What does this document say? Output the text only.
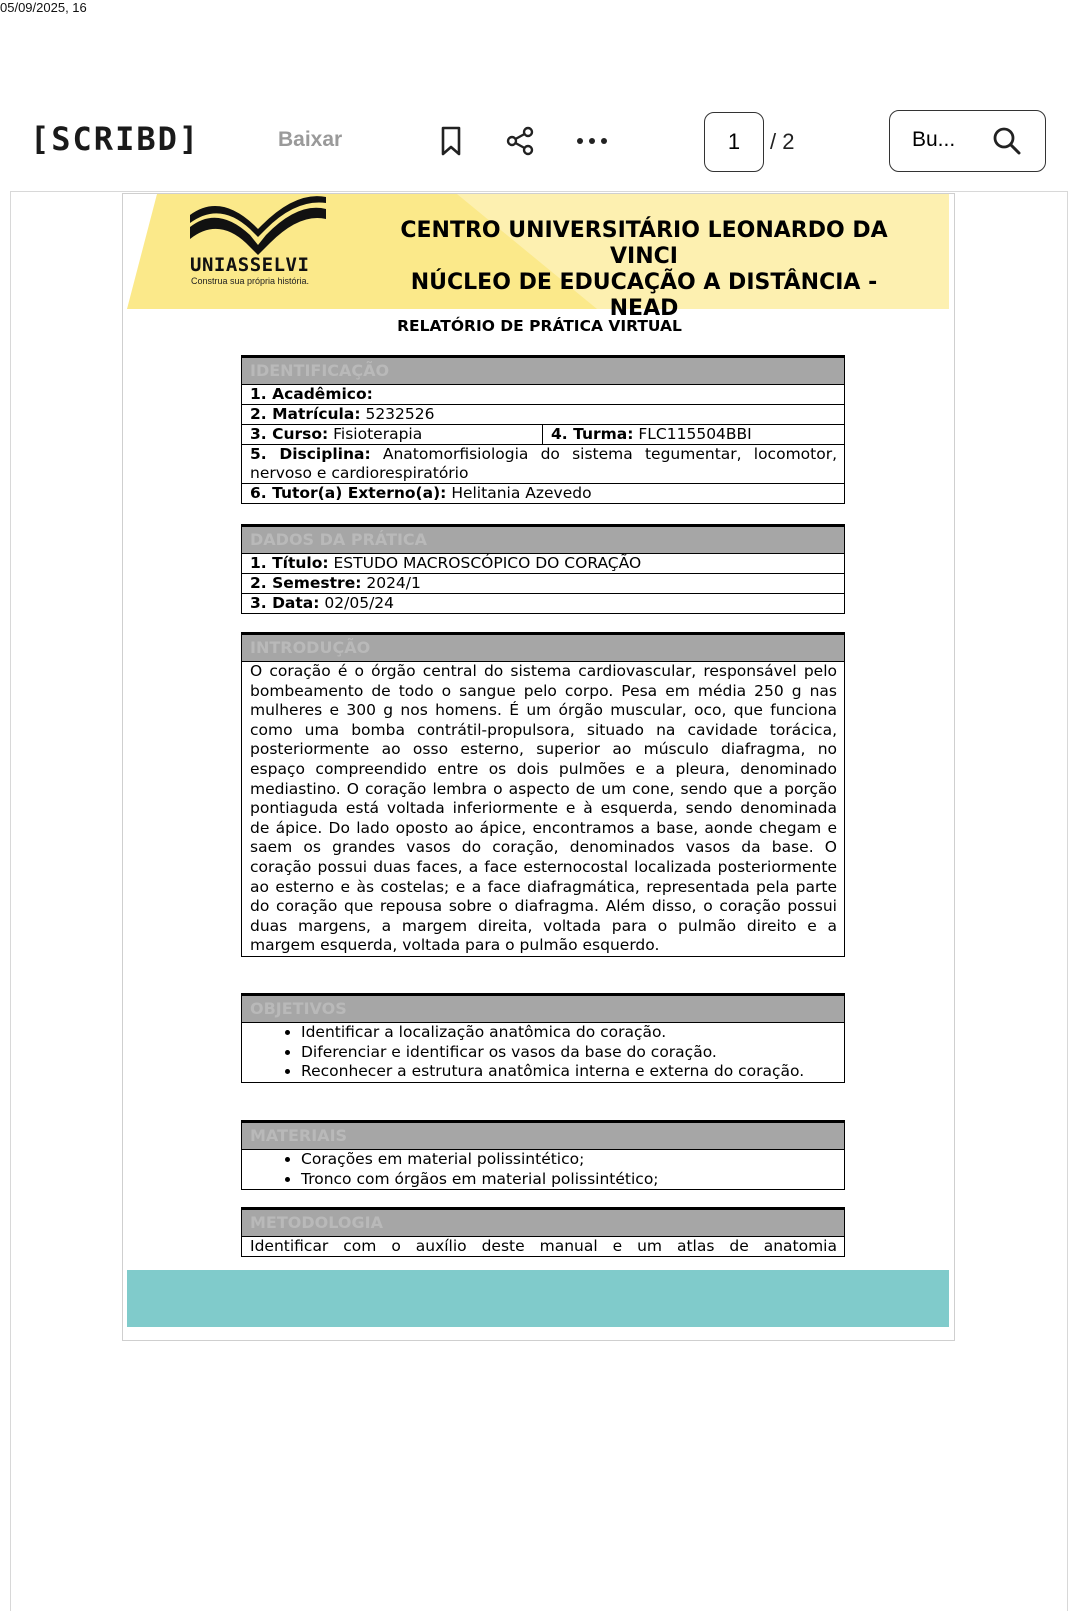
05/09/2025, 16
[SCRIBD]	Baixar	1	/ 2	Bu...
UNIASSELVI
Construa sua própria história.
CENTRO UNIVERSITÁRIO LEONARDO DA VINCI
NÚCLEO DE EDUCAÇÃO A DISTÂNCIA - NEAD
RELATÓRIO DE PRÁTICA VIRTUAL
IDENTIFICAÇÃO
1. Acadêmico:
2. Matrícula: 5232526
3. Curso: Fisioterapia	4. Turma: FLC115504BBI
5. Disciplina: Anatomorfisiologia do sistema tegumentar, locomotor, nervoso e cardiorespiratório
6. Tutor(a) Externo(a): Helitania Azevedo
DADOS DA PRÁTICA
1. Título: ESTUDO MACROSCÓPICO DO CORAÇÃO
2. Semestre: 2024/1
3. Data: 02/05/24
INTRODUÇÃO
O coração é o órgão central do sistema cardiovascular, responsável pelo bombeamento de todo o sangue pelo corpo. Pesa em média 250 g nas mulheres e 300 g nos homens. É um órgão muscular, oco, que funciona como uma bomba contrátil-propulsora, situado na cavidade torácica, posteriormente ao osso esterno, superior ao músculo diafragma, no espaço compreendido entre os dois pulmões e a pleura, denominado mediastino. O coração lembra o aspecto de um cone, sendo que a porção pontiaguda está voltada inferiormente e à esquerda, sendo denominada de ápice. Do lado oposto ao ápice, encontramos a base, aonde chegam e saem os grandes vasos do coração, denominados vasos da base. O coração possui duas faces, a face esternocostal localizada posteriormente ao esterno e às costelas; e a face diafragmática, representada pela parte do coração que repousa sobre o diafragma. Além disso, o coração possui duas margens, a margem direita, voltada para o pulmão direito e a margem esquerda, voltada para o pulmão esquerdo.
OBJETIVOS
• Identificar a localização anatômica do coração.
• Diferenciar e identificar os vasos da base do coração.
• Reconhecer a estrutura anatômica interna e externa do coração.
MATERIAIS
• Corações em material polissintético;
• Tronco com órgãos em material polissintético;
METODOLOGIA
Identificar com o auxílio deste manual e um atlas de anatomia
